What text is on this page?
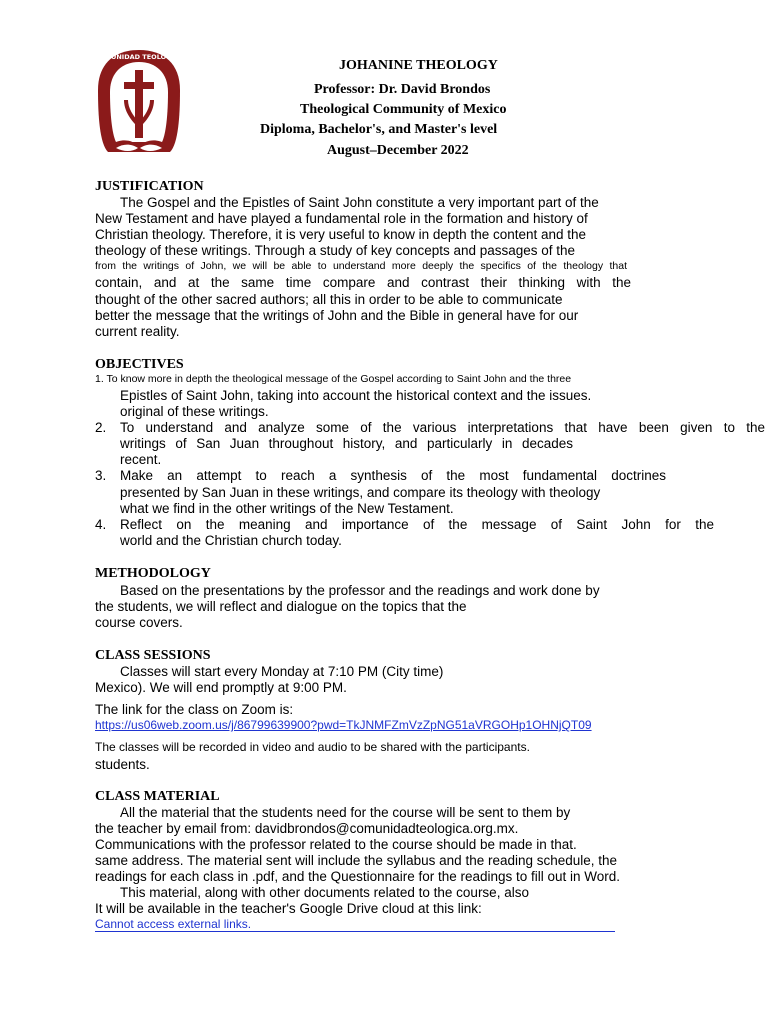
COMUNIDAD TEOLOGICA
JOHANINE THEOLOGY
Professor: Dr. David Brondos
Theological Community of Mexico
Diploma, Bachelor's, and Master's level
August–December 2022
JUSTIFICATION
The Gospel and the Epistles of Saint John constitute a very important part of the
New Testament and have played a fundamental role in the formation and history of
Christian theology. Therefore, it is very useful to know in depth the content and the
theology of these writings. Through a study of key concepts and passages of the
from the writings of John, we will be able to understand more deeply the specifics of the theology that
contain, and at the same time compare and contrast their thinking with the
thought of the other sacred authors; all this in order to be able to communicate
better the message that the writings of John and the Bible in general have for our
current reality.
OBJECTIVES
1. To know more in depth the theological message of the Gospel according to Saint John and the three
Epistles of Saint John, taking into account the historical context and the issues.
original of these writings.
2. To understand and analyze some of the various interpretations that have been given to the
writings of San Juan throughout history, and particularly in decades
recent.
3. Make an attempt to reach a synthesis of the most fundamental doctrines
presented by San Juan in these writings, and compare its theology with theology
what we find in the other writings of the New Testament.
4. Reflect on the meaning and importance of the message of Saint John for the
world and the Christian church today.
METHODOLOGY
Based on the presentations by the professor and the readings and work done by
the students, we will reflect and dialogue on the topics that the
course covers.
CLASS SESSIONS
Classes will start every Monday at 7:10 PM (City time)
Mexico). We will end promptly at 9:00 PM.
The link for the class on Zoom is:
https://us06web.zoom.us/j/86799639900?pwd=TkJNMFZmVzZpNG51aVRGOHp1OHNjQT09
The classes will be recorded in video and audio to be shared with the participants.
students.
CLASS MATERIAL
All the material that the students need for the course will be sent to them by
the teacher by email from: davidbrondos@comunidadteologica.org.mx.
Communications with the professor related to the course should be made in that.
same address. The material sent will include the syllabus and the reading schedule, the
readings for each class in .pdf, and the Questionnaire for the readings to fill out in Word.
This material, along with other documents related to the course, also
It will be available in the teacher's Google Drive cloud at this link:
Cannot access external links.
